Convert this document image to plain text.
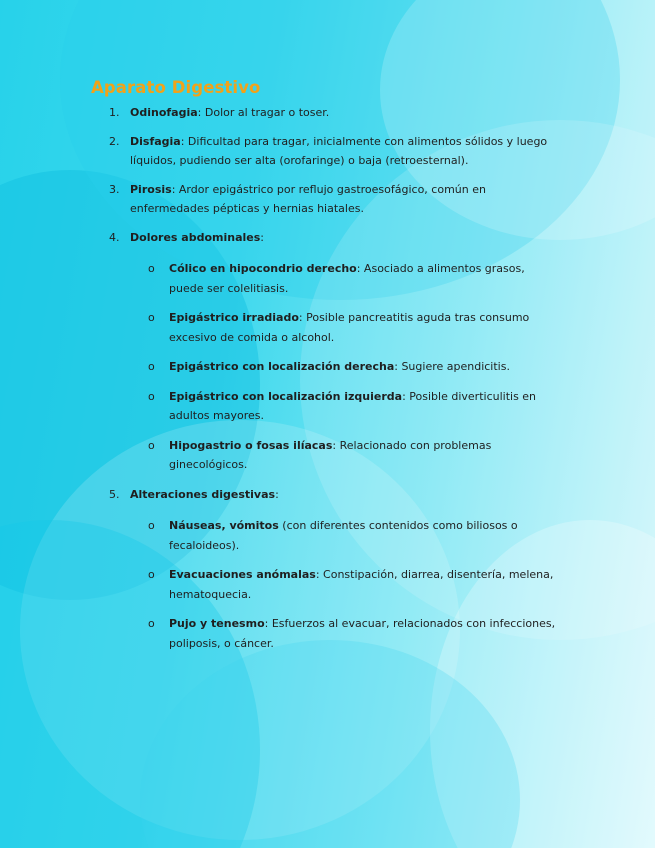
Aparato Digestivo
1. Odinofagia: Dolor al tragar o toser.
2. Disfagia: Dificultad para tragar, inicialmente con alimentos sólidos y luego líquidos, pudiendo ser alta (orofaringe) o baja (retroesternal).
3. Pirosis: Ardor epigástrico por reflujo gastroesofágico, común en enfermedades pépticas y hernias hiatales.
4. Dolores abdominales:
o Cólico en hipocondrio derecho: Asociado a alimentos grasos, puede ser colelitiasis.
o Epigástrico irradiado: Posible pancreatitis aguda tras consumo excesivo de comida o alcohol.
o Epigástrico con localización derecha: Sugiere apendicitis.
o Epigástrico con localización izquierda: Posible diverticulitis en adultos mayores.
o Hipogastrio o fosas ilíacas: Relacionado con problemas ginecológicos.
5. Alteraciones digestivas:
o Náuseas, vómitos (con diferentes contenidos como biliosos o fecaloideos).
o Evacuaciones anómalas: Constipación, diarrea, disentería, melena, hematoquecia.
o Pujo y tenesmo: Esfuerzos al evacuar, relacionados con infecciones, poliposis, o cáncer.
